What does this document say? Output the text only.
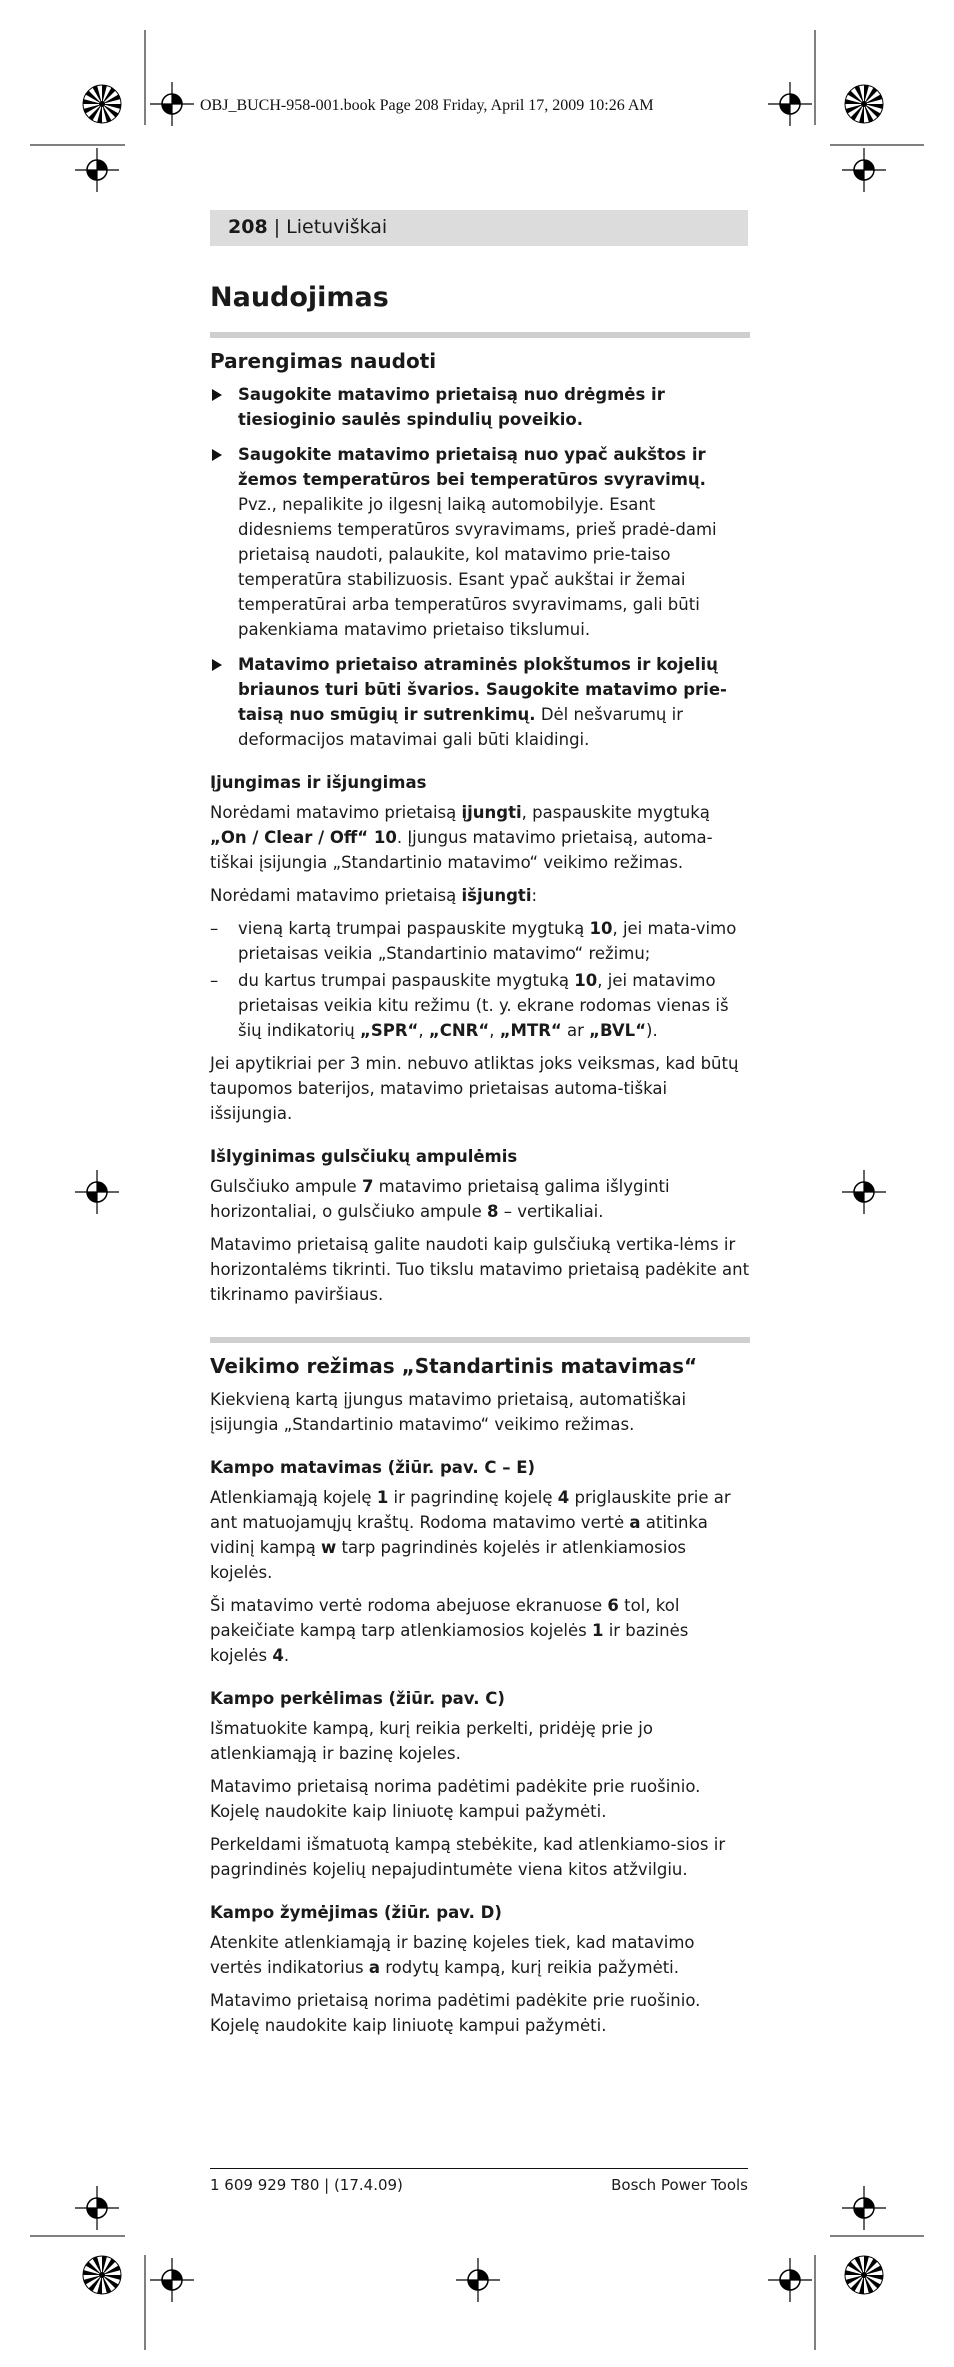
OBJ_BUCH-958-001.book Page 208 Friday, April 17, 2009 10:26 AM
208 | Lietuviškai
Naudojimas
Parengimas naudoti
Saugokite matavimo prietaisą nuo drėgmės ir tiesioginio saulės spindulių poveikio.
Saugokite matavimo prietaisą nuo ypač aukštos ir žemos temperatūros bei temperatūros svyravimų. Pvz., nepalikite jo ilgesnį laiką automobilyje. Esant didesniems temperatūros svyravimams, prieš pradė-dami prietaisą naudoti, palaukite, kol matavimo prie-taiso temperatūra stabilizuosis. Esant ypač aukštai ir žemai temperatūrai arba temperatūros svyravimams, gali būti pakenkiama matavimo prietaiso tikslumui.
Matavimo prietaiso atraminės plokštumos ir kojelių briaunos turi būti švarios. Saugokite matavimo prie-taisą nuo smūgių ir sutrenkimų. Dėl nešvarumų ir deformacijos matavimai gali būti klaidingi.
Įjungimas ir išjungimas

Norėdami matavimo prietaisą įjungti, paspauskite mygtuką „On / Clear / Off“ 10. Įjungus matavimo prietaisą, automa-tiškai įsijungia „Standartinio matavimo“ veikimo režimas.

Norėdami matavimo prietaisą išjungti:

– vieną kartą trumpai paspauskite mygtuką 10, jei mata-vimo prietaisas veikia „Standartinio matavimo“ režimu;
– du kartus trumpai paspauskite mygtuką 10, jei matavimo prietaisas veikia kitu režimu (t. y. ekrane rodomas vienas iš šių indikatorių „SPR“, „CNR“, „MTR“ ar „BVL“).

Jei apytikriai per 3 min. nebuvo atliktas joks veiksmas, kad būtų taupomos baterijos, matavimo prietaisas automa-tiškai išsijungia.

Išlyginimas gulsčiukų ampulėmis

Gulsčiuko ampule 7 matavimo prietaisą galima išlyginti horizontaliai, o gulsčiuko ampule 8 – vertikaliai.

Matavimo prietaisą galite naudoti kaip gulsčiuką vertika-lėms ir horizontalėms tikrinti. Tuo tikslu matavimo prietaisą padėkite ant tikrinamo paviršiaus.

Veikimo režimas „Standartinis matavimas“

Kiekvieną kartą įjungus matavimo prietaisą, automatiškai įsijungia „Standartinio matavimo“ veikimo režimas.

Kampo matavimas (žiūr. pav. C – E)

Atlenkiamąją kojelę 1 ir pagrindinę kojelę 4 priglauskite prie ar ant matuojamųjų kraštų. Rodoma matavimo vertė a atitinka vidinį kampą w tarp pagrindinės kojelės ir atlenkiamosios kojelės.

Ši matavimo vertė rodoma abejuose ekranuose 6 tol, kol pakeičiate kampą tarp atlenkiamosios kojelės 1 ir bazinės kojelės 4.

Kampo perkėlimas (žiūr. pav. C)

Išmatuokite kampą, kurį reikia perkelti, pridėję prie jo atlenkiamąją ir bazinę kojeles.

Matavimo prietaisą norima padėtimi padėkite prie ruošinio. Kojelę naudokite kaip liniuotę kampui pažymėti.

Perkeldami išmatuotą kampą stebėkite, kad atlenkiamo-sios ir pagrindinės kojelių nepajudintumėte viena kitos atžvilgiu.

Kampo žymėjimas (žiūr. pav. D)

Atenkite atlenkiamąją ir bazinę kojeles tiek, kad matavimo vertės indikatorius a rodytų kampą, kurį reikia pažymėti.

Matavimo prietaisą norima padėtimi padėkite prie ruošinio. Kojelę naudokite kaip liniuotę kampui pažymėti.

1 609 929 T80 | (17.4.09)	Bosch Power Tools
